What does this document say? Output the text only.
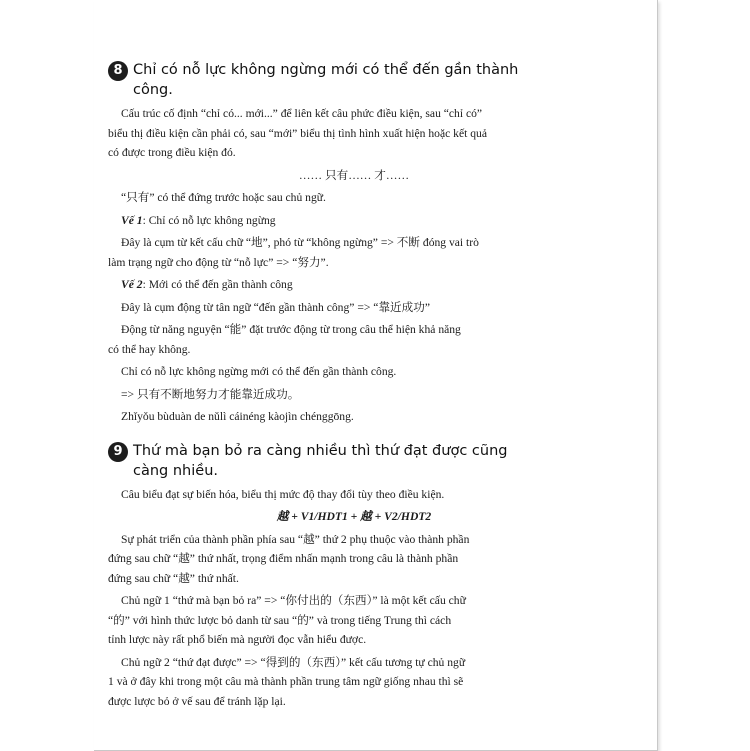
8 Chỉ có nỗ lực không ngừng mới có thể đến gần thành
công.

Cấu trúc cố định “chỉ có... mới...” để liên kết câu phức điều kiện, sau “chỉ có”

biểu thị điều kiện cần phải có, sau “mới” biểu thị tình hình xuất hiện hoặc kết quả

có được trong điều kiện đó.

…… 只有…… 才……

“只有” có thể đứng trước hoặc sau chủ ngữ.

Vế 1: Chỉ có nỗ lực không ngừng

Đây là cụm từ kết cấu chữ “地”, phó từ “không ngừng” => 不断 đóng vai trò

làm trạng ngữ cho động từ “nỗ lực” => “努力”.

Vế 2: Mới có thể đến gần thành công

Đây là cụm động từ tân ngữ “đến gần thành công” => “靠近成功”

Động từ năng nguyện “能” đặt trước động từ trong câu thể hiện khả năng

có thể hay không.

Chỉ có nỗ lực không ngừng mới có thể đến gần thành công.

=> 只有不断地努力才能靠近成功。

Zhǐyǒu bùduàn de nǔlì cáinéng kàojìn chénggōng.

9 Thứ mà bạn bỏ ra càng nhiều thì thứ đạt được cũng
càng nhiều.

Câu biểu đạt sự biến hóa, biểu thị mức độ thay đổi tùy theo điều kiện.

越 + V1/HDT1 + 越 + V2/HDT2

Sự phát triển của thành phần phía sau “越” thứ 2 phụ thuộc vào thành phần

đứng sau chữ “越” thứ nhất, trọng điểm nhấn mạnh trong câu là thành phần

đứng sau chữ “越” thứ nhất.

Chủ ngữ 1 “thứ mà bạn bỏ ra” => “你付出的（东西）” là một kết cấu chữ

“的” với hình thức lược bỏ danh từ sau “的” và trong tiếng Trung thì cách

tỉnh lược này rất phổ biến mà người đọc vẫn hiểu được.

Chủ ngữ 2 “thứ đạt được” => “得到的（东西）” kết cấu tương tự chủ ngữ

1 và ở đây khi trong một câu mà thành phần trung tâm ngữ giống nhau thì sẽ

được lược bỏ ở vế sau để tránh lặp lại.
